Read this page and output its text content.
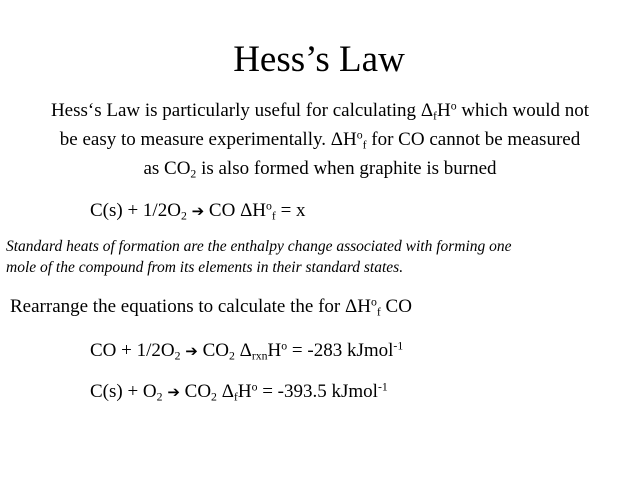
Hess’s Law
Hess‘s Law is particularly useful for calculating $\Delta_fH^o$ which would not
be easy to measure experimentally. $\Delta H^o_f$ for CO cannot be measured
as $CO_2$ is also formed when graphite is burned
$C(s) + 1/2O_2$ ➔ CO $\Delta H^o_f = x$
Standard heats of formation are the enthalpy change associated with forming one
mole of the compound from its elements in their standard states.
Rearrange the equations to calculate the for $\Delta H^o_f$ CO
CO + $1/2O_2$ ➔ $CO_2$ $\Delta_{rxn}H^o = -283$ kJmol$^{-1}$
$C(s) + O_2$ ➔ $CO_2$ $\Delta_fH^o = -393.5$ kJmol$^{-1}$
